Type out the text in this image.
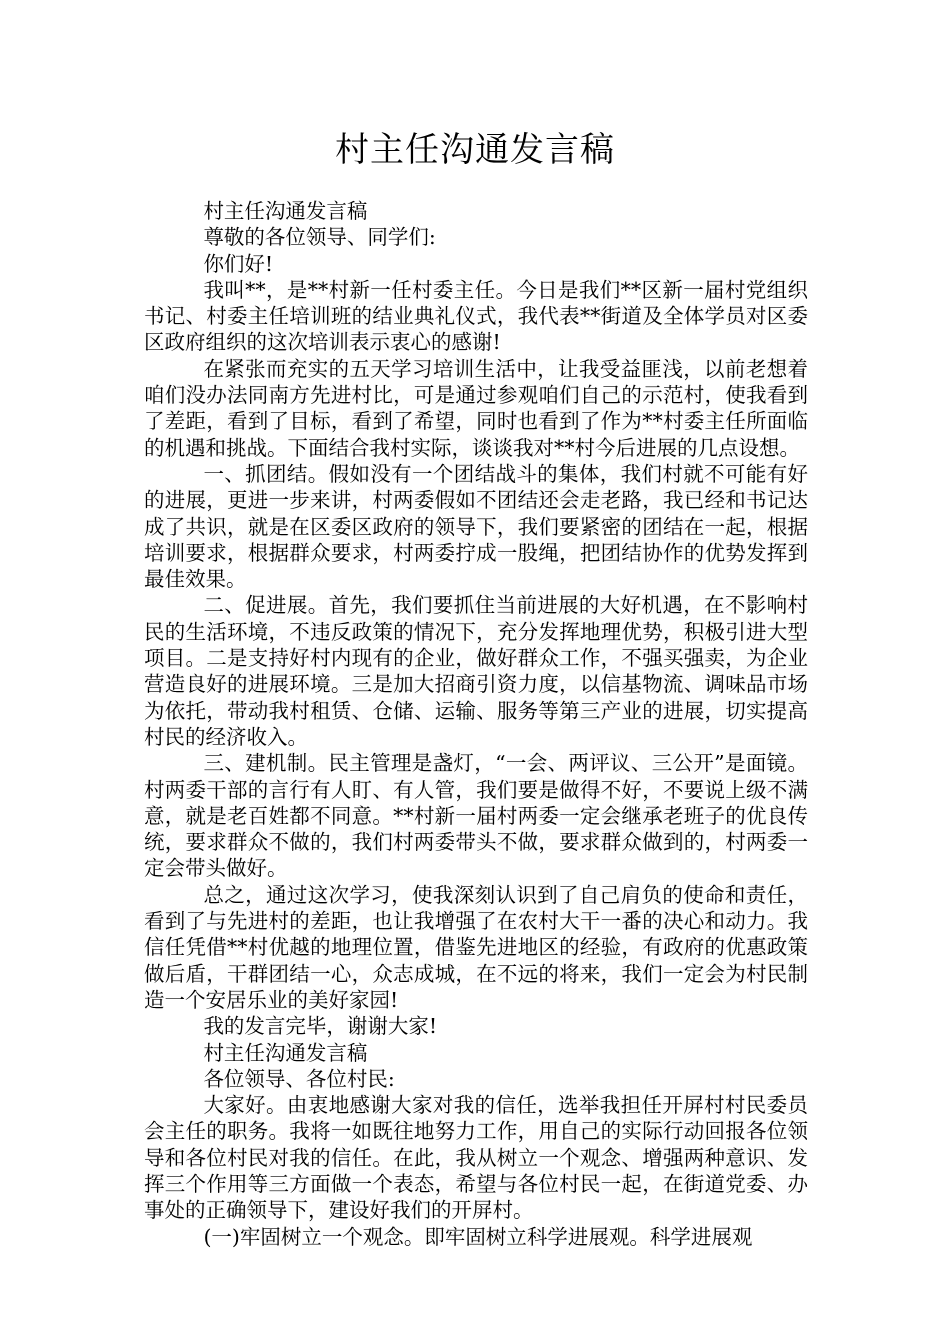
村主任沟通发言稿

村主任沟通发言稿

尊敬的各位领导、同学们:

你们好!

我叫**，是**村新一任村委主任。今日是我们**区新一届村党组织书记、村委主任培训班的结业典礼仪式，我代表**街道及全体学员对区委区政府组织的这次培训表示衷心的感谢!

在紧张而充实的五天学习培训生活中，让我受益匪浅，以前老想着咱们没办法同南方先进村比，可是通过参观咱们自己的示范村，使我看到了差距，看到了目标，看到了希望，同时也看到了作为**村委主任所面临的机遇和挑战。下面结合我村实际，谈谈我对**村今后进展的几点设想。

一、抓团结。假如没有一个团结战斗的集体，我们村就不可能有好的进展，更进一步来讲，村两委假如不团结还会走老路，我已经和书记达成了共识，就是在区委区政府的领导下，我们要紧密的团结在一起，根据培训要求，根据群众要求，村两委拧成一股绳，把团结协作的优势发挥到最佳效果。

二、促进展。首先，我们要抓住当前进展的大好机遇，在不影响村民的生活环境，不违反政策的情况下，充分发挥地理优势，积极引进大型项目。二是支持好村内现有的企业，做好群众工作，不强买强卖，为企业营造良好的进展环境。三是加大招商引资力度，以信基物流、调味品市场为依托，带动我村租赁、仓储、运输、服务等第三产业的进展，切实提高村民的经济收入。

三、建机制。民主管理是盏灯，“一会、两评议、三公开”是面镜。村两委干部的言行有人盯、有人管，我们要是做得不好，不要说上级不满意，就是老百姓都不同意。**村新一届村两委一定会继承老班子的优良传统，要求群众不做的，我们村两委带头不做，要求群众做到的，村两委一定会带头做好。

总之，通过这次学习，使我深刻认识到了自己肩负的使命和责任，看到了与先进村的差距，也让我增强了在农村大干一番的决心和动力。我信任凭借**村优越的地理位置，借鉴先进地区的经验，有政府的优惠政策做后盾，干群团结一心，众志成城，在不远的将来，我们一定会为村民制造一个安居乐业的美好家园!

我的发言完毕，谢谢大家!

村主任沟通发言稿

各位领导、各位村民:

大家好。由衷地感谢大家对我的信任，选举我担任开屏村村民委员会主任的职务。我将一如既往地努力工作，用自己的实际行动回报各位领导和各位村民对我的信任。在此，我从树立一个观念、增强两种意识、发挥三个作用等三方面做一个表态，希望与各位村民一起，在街道党委、办事处的正确领导下，建设好我们的开屏村。

(一)牢固树立一个观念。即牢固树立科学进展观。科学进展观
